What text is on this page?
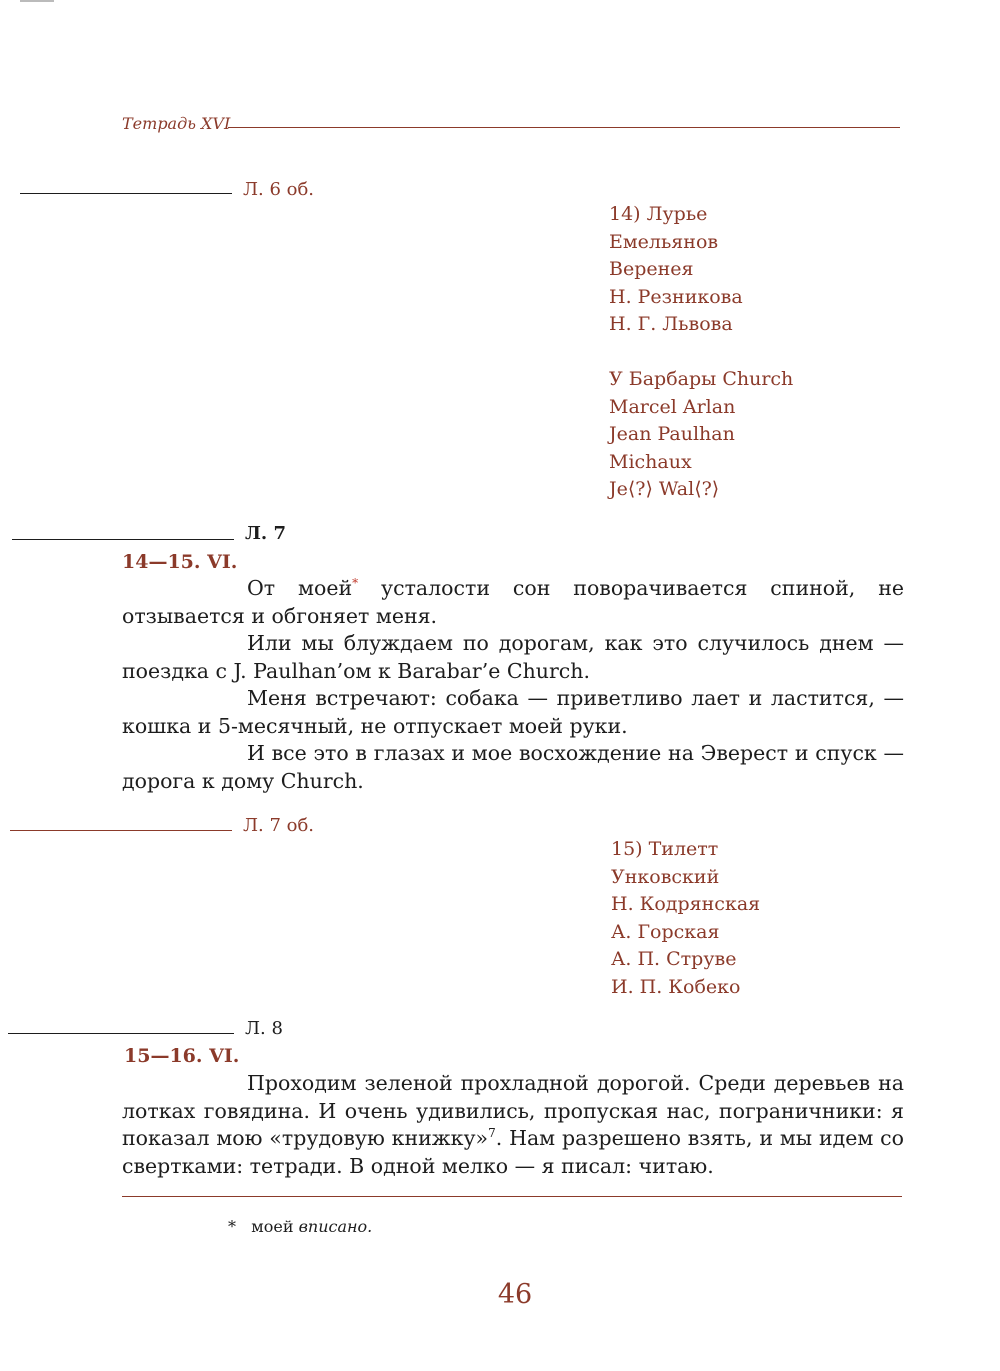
Тетрадь XVI
Л. 6 об.
14) Лурье
Емельянов
Веренея
Н. Резникова
Н. Г. Львова
У Барбары Church
Marcel Arlan
Jean Paulhan
Michaux
Je⟨?⟩ Wal⟨?⟩
Л. 7
14—15. VI.

От моей* усталости сон поворачивается спиной, не отзывается и обгоняет меня.

Или мы блуждаем по дорогам, как это случилось днем — поездка с J. Paulhan’ом к Barabar’e Church.

Меня встречают: собака — приветливо лает и ластится, — кошка и 5-месячный, не отпускает моей руки.

И все это в глазах и мое восхождение на Эверест и спуск — дорога к дому Church.

Л. 7 об.
15) Тилетт
Унковский
Н. Кодрянская
А. Горская
А. П. Струве
И. П. Кобеко
Л. 8
15—16. VI.

Проходим зеленой прохладной дорогой. Среди деревьев на лотках говядина. И очень удивились, пропуская нас, пограничники: я показал мою «трудовую книжку»$^7$. Нам разрешено взять, и мы идем со свертками: тетради. В одной мелко — я писал: читаю.

* моей вписано.
46
